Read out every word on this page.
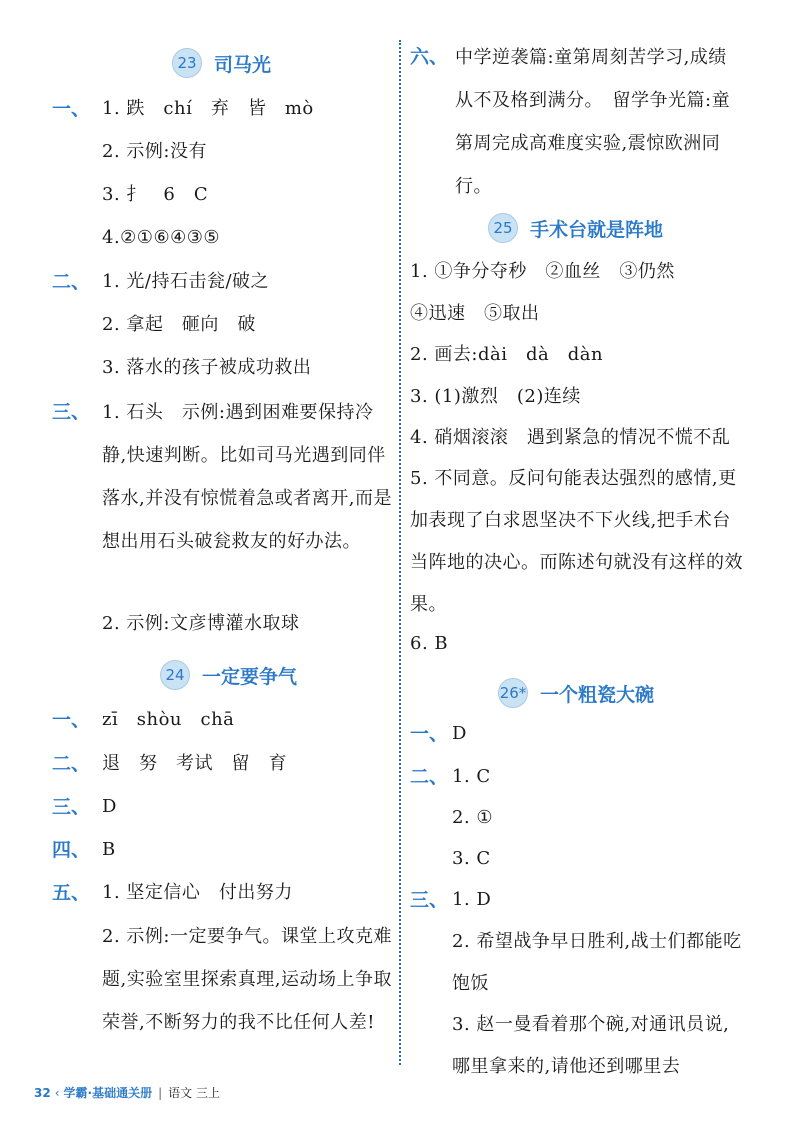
23 司马光
一、 1. 跌　chí　弃　皆　mò
2. 示例:没有
3. 扌　6　C
4.②①⑥④③⑤
二、 1. 光/持石击瓮/破之
2. 拿起　砸向　破
3. 落水的孩子被成功救出
三、 1. 石头　示例:遇到困难要保持冷静,快速判断。比如司马光遇到同伴落水,并没有惊慌着急或者离开,而是想出用石头破瓮救友的好办法。
2. 示例:文彦博灌水取球
24 一定要争气
一、 zī　shòu　chā
二、 退　努　考试　留　育
三、 D
四、 B
五、 1. 坚定信心　付出努力
2. 示例:一定要争气。课堂上攻克难题,实验室里探索真理,运动场上争取荣誉,不断努力的我不比任何人差!
六、 中学逆袭篇:童第周刻苦学习,成绩从不及格到满分。　留学争光篇:童第周完成高难度实验,震惊欧洲同行。
25 手术台就是阵地
1. ①争分夺秒　②血丝　③仍然
④迅速　⑤取出
2. 画去:dài　dà　dàn
3. (1)激烈　(2)连续
4. 硝烟滚滚　遇到紧急的情况不慌不乱
5. 不同意。反问句能表达强烈的感情,更加表现了白求恩坚决不下火线,把手术台当阵地的决心。而陈述句就没有这样的效果。
6. B
26* 一个粗瓷大碗
一、 D
二、 1. C
2. ①
3. C
三、 1. D
2. 希望战争早日胜利,战士们都能吃饱饭
3. 赵一曼看着那个碗,对通讯员说,哪里拿来的,请他还到哪里去
32 ‹ 学霸·基础通关册 | 语文 三上
